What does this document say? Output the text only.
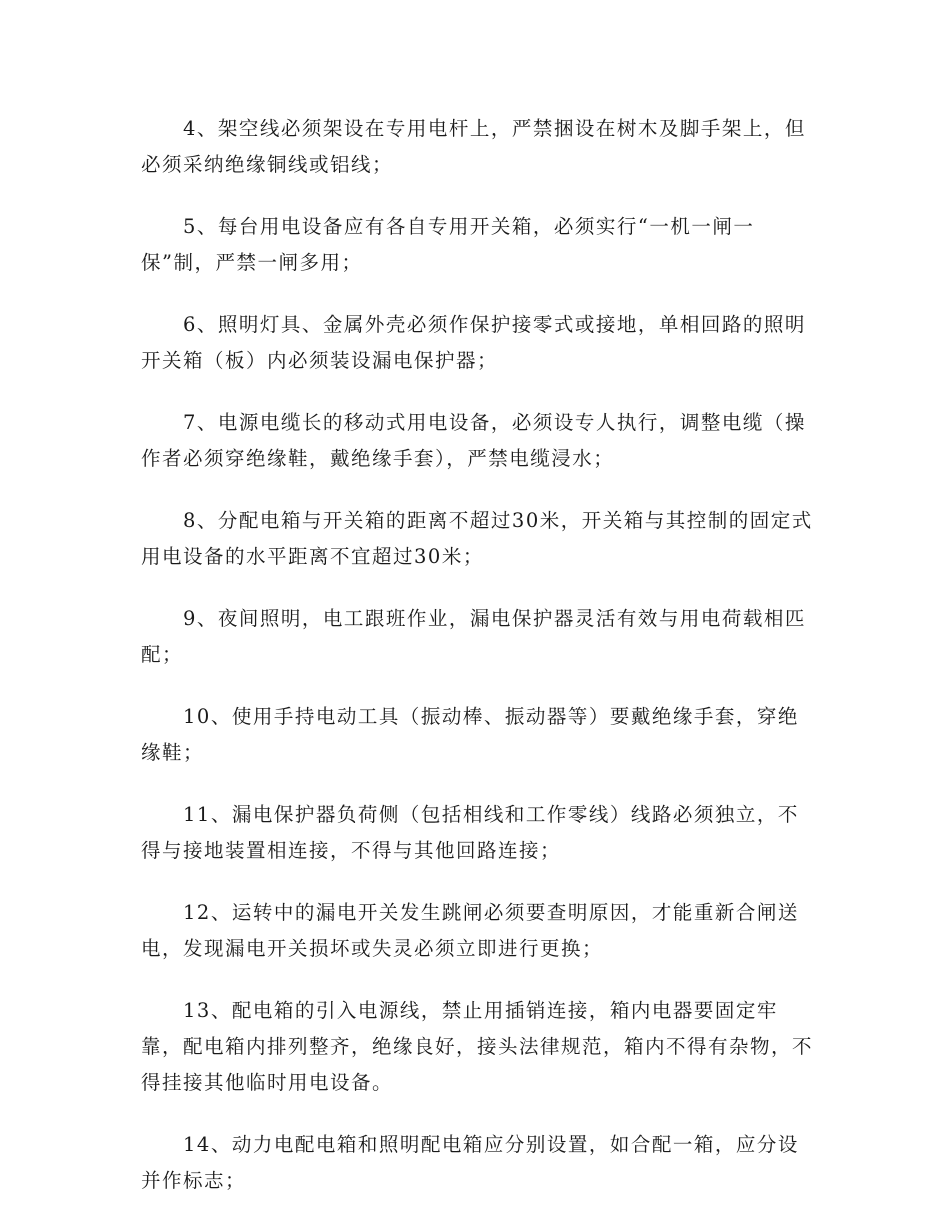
4、架空线必须架设在专用电杆上，严禁捆设在树木及脚手架上，但必须采纳绝缘铜线或铝线；

5、每台用电设备应有各自专用开关箱，必须实行“一机一闸一保”制，严禁一闸多用；

6、照明灯具、金属外壳必须作保护接零式或接地，单相回路的照明开关箱（板）内必须装设漏电保护器；

7、电源电缆长的移动式用电设备，必须设专人执行，调整电缆（操作者必须穿绝缘鞋，戴绝缘手套），严禁电缆浸水；

8、分配电箱与开关箱的距离不超过30米，开关箱与其控制的固定式用电设备的水平距离不宜超过30米；

9、夜间照明，电工跟班作业，漏电保护器灵活有效与用电荷载相匹配；

10、使用手持电动工具（振动棒、振动器等）要戴绝缘手套，穿绝缘鞋；

11、漏电保护器负荷侧（包括相线和工作零线）线路必须独立，不得与接地装置相连接，不得与其他回路连接；

12、运转中的漏电开关发生跳闸必须要查明原因，才能重新合闸送电，发现漏电开关损坏或失灵必须立即进行更换；

13、配电箱的引入电源线，禁止用插销连接，箱内电器要固定牢靠，配电箱内排列整齐，绝缘良好，接头法律规范，箱内不得有杂物，不得挂接其他临时用电设备。

14、动力电配电箱和照明配电箱应分别设置，如合配一箱，应分设并作标志；
